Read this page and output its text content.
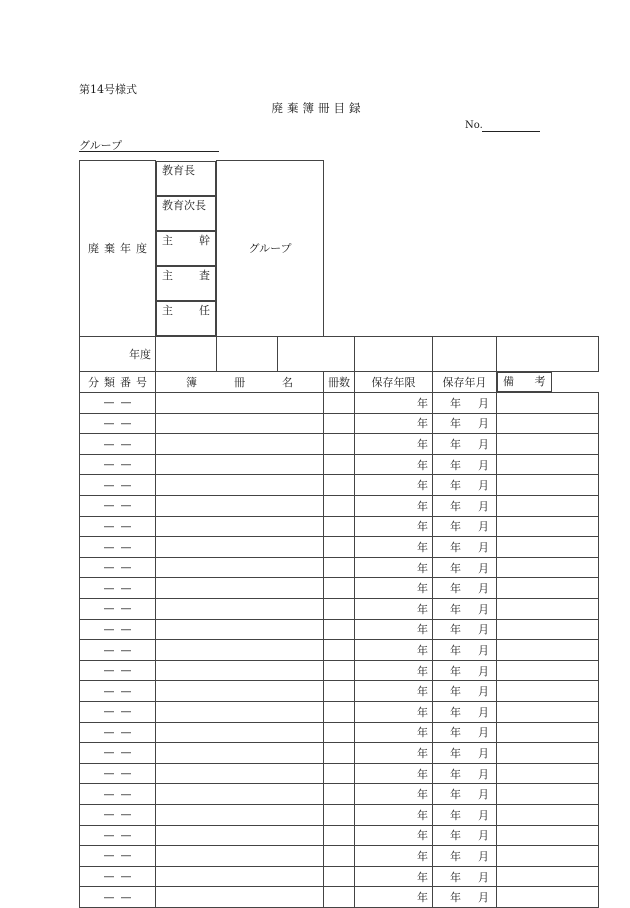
第14号様式
廃棄簿冊目録
No.
グループ
廃棄年度	
教育長
教育次長
主 幹
主 査
主 任
グループ					
年度							
分類番号	簿 冊 名			冊数	保存年限	保存年月	備 考

——					年	年 月	
——					年	年 月	
——					年	年 月	
——					年	年 月	
——					年	年 月	
——					年	年 月	
——					年	年 月	
——					年	年 月	
——					年	年 月	
——					年	年 月	
——					年	年 月	
——					年	年 月	
——					年	年 月	
——					年	年 月	
——					年	年 月	
——					年	年 月	
——					年	年 月	
——					年	年 月	
——					年	年 月	
——					年	年 月	
——					年	年 月	
——					年	年 月	
——					年	年 月	
——					年	年 月	
——					年	年 月	
